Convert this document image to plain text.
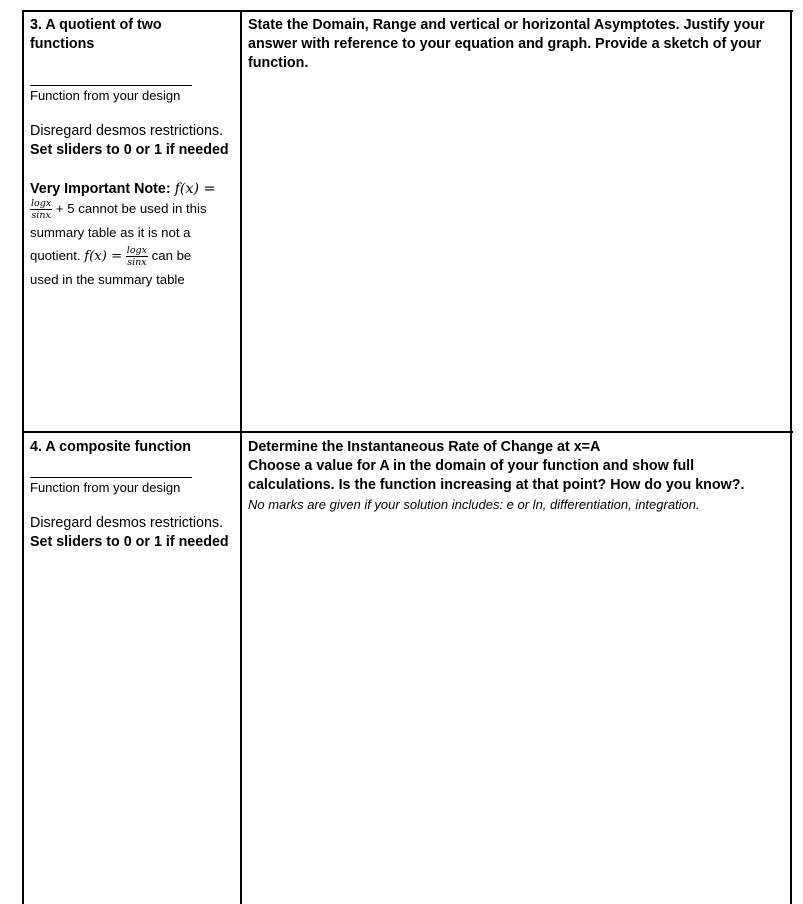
3. A quotient of two
functions
Function from your design
Disregard desmos restrictions.
Set sliders to 0 or 1 if needed
Very Important Note: f(x) =
$\frac{\log x}{\sin x} + 5$ cannot be used in this
summary table as it is not a
quotient. $f(x) = \frac{\log x}{\sin x}$ can be
used in the summary table
State the Domain, Range and vertical or horizontal Asymptotes. Justify your
answer with reference to your equation and graph. Provide a sketch of your
function.
4. A composite function
Function from your design
Disregard desmos restrictions.
Set sliders to 0 or 1 if needed
Determine the Instantaneous Rate of Change at x=A
Choose a value for A in the domain of your function and show full
calculations. Is the function increasing at that point? How do you know?.
No marks are given if your solution includes: e or ln, differentiation, integration.
